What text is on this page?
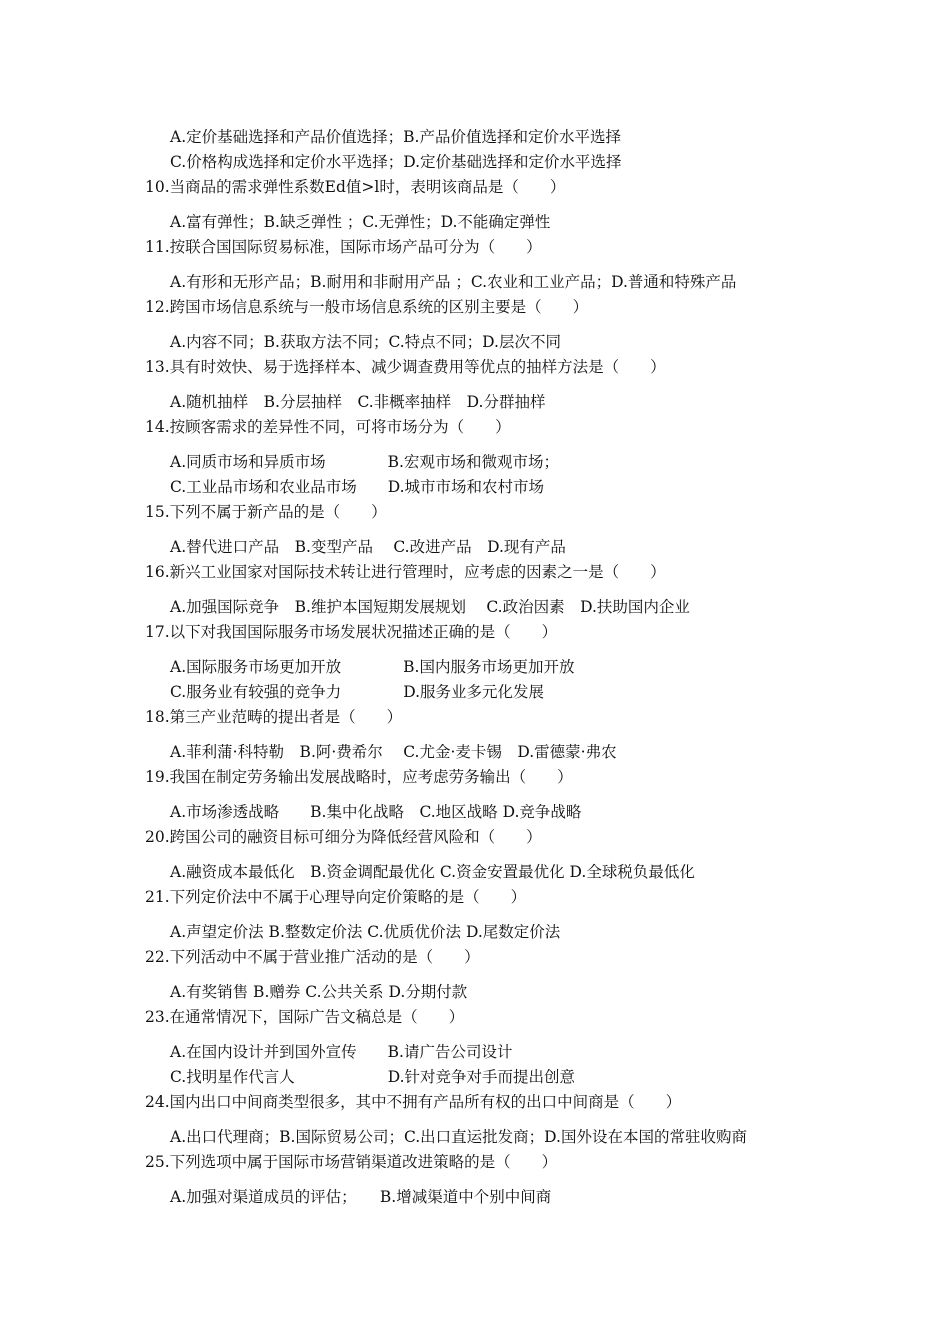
A.定价基础选择和产品价值选择；B.产品价值选择和定价水平选择
C.价格构成选择和定价水平选择；D.定价基础选择和定价水平选择
10.当商品的需求弹性系数Ed值>l时，表明该商品是（　　）
A.富有弹性；B.缺乏弹性 ；C.无弹性；D.不能确定弹性
11.按联合国国际贸易标准，国际市场产品可分为（　　）
A.有形和无形产品；B.耐用和非耐用产品 ；C.农业和工业产品；D.普通和特殊产品
12.跨国市场信息系统与一般市场信息系统的区别主要是（　　）
A.内容不同；B.获取方法不同；C.特点不同；D.层次不同
13.具有时效快、易于选择样本、减少调查费用等优点的抽样方法是（　　）
A.随机抽样　B.分层抽样　C.非概率抽样　D.分群抽样
14.按顾客需求的差异性不同，可将市场分为（　　）
A.同质市场和异质市场　　　　B.宏观市场和微观市场；
C.工业品市场和农业品市场　　D.城市市场和农村市场
15.下列不属于新产品的是（　　）
A.替代进口产品　B.变型产品　 C.改进产品　D.现有产品
16.新兴工业国家对国际技术转让进行管理时，应考虑的因素之一是（　　）
A.加强国际竞争　B.维护本国短期发展规划　 C.政治因素　D.扶助国内企业
17.以下对我国国际服务市场发展状况描述正确的是（　　）
A.国际服务市场更加开放　　　　B.国内服务市场更加开放
C.服务业有较强的竞争力　　　　D.服务业多元化发展
18.第三产业范畴的提出者是（　　）
A.菲利蒲·科特勒　B.阿·费希尔　 C.尤金·麦卡锡　D.雷德蒙·弗农
19.我国在制定劳务输出发展战略时，应考虑劳务输出（　　）
A.市场渗透战略　　B.集中化战略　C.地区战略 D.竞争战略
20.跨国公司的融资目标可细分为降低经营风险和（　　）
A.融资成本最低化　B.资金调配最优化 C.资金安置最优化 D.全球税负最低化
21.下列定价法中不属于心理导向定价策略的是（　　）
A.声望定价法 B.整数定价法 C.优质优价法 D.尾数定价法
22.下列活动中不属于营业推广活动的是（　　）
A.有奖销售 B.赠券 C.公共关系 D.分期付款
23.在通常情况下，国际广告文稿总是（　　）
A.在国内设计并到国外宣传　　B.请广告公司设计
C.找明星作代言人　　　　　　D.针对竞争对手而提出创意
24.国内出口中间商类型很多，其中不拥有产品所有权的出口中间商是（　　）
A.出口代理商；B.国际贸易公司；C.出口直运批发商；D.国外设在本国的常驻收购商
25.下列选项中属于国际市场营销渠道改进策略的是（　　）
A.加强对渠道成员的评估；　　B.增减渠道中个别中间商
